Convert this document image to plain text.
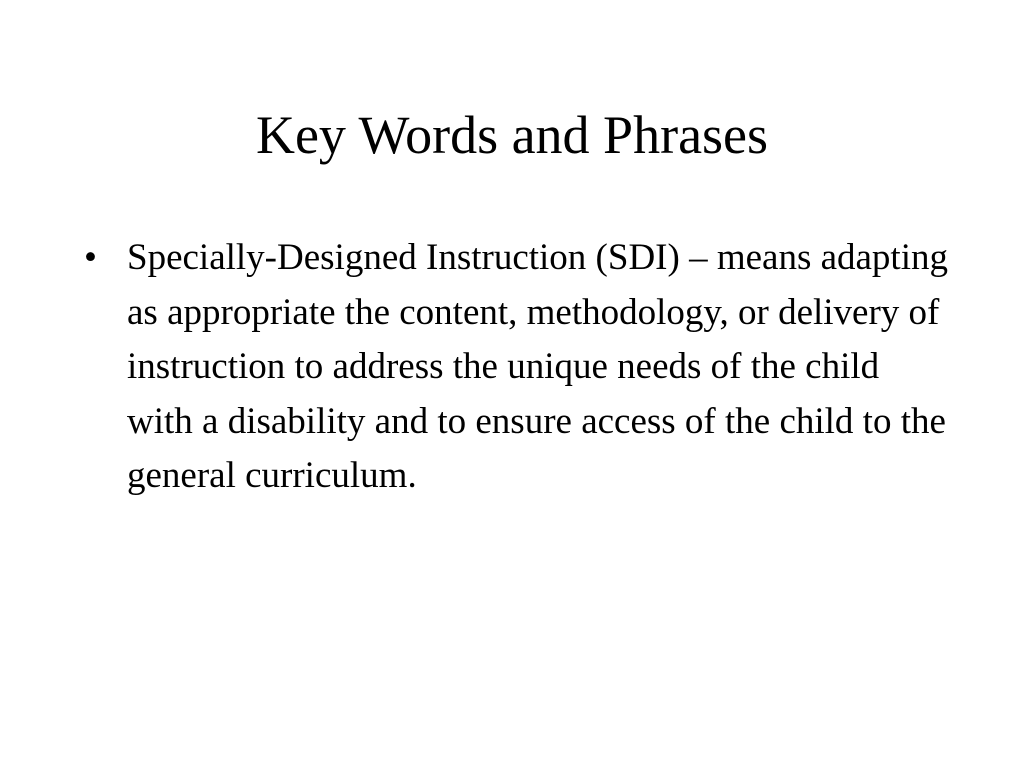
Key Words and Phrases
• Specially-Designed Instruction (SDI) – means adapting as appropriate the content, methodology, or delivery of instruction to address the unique needs of the child with a disability and to ensure access of the child to the general curriculum.
